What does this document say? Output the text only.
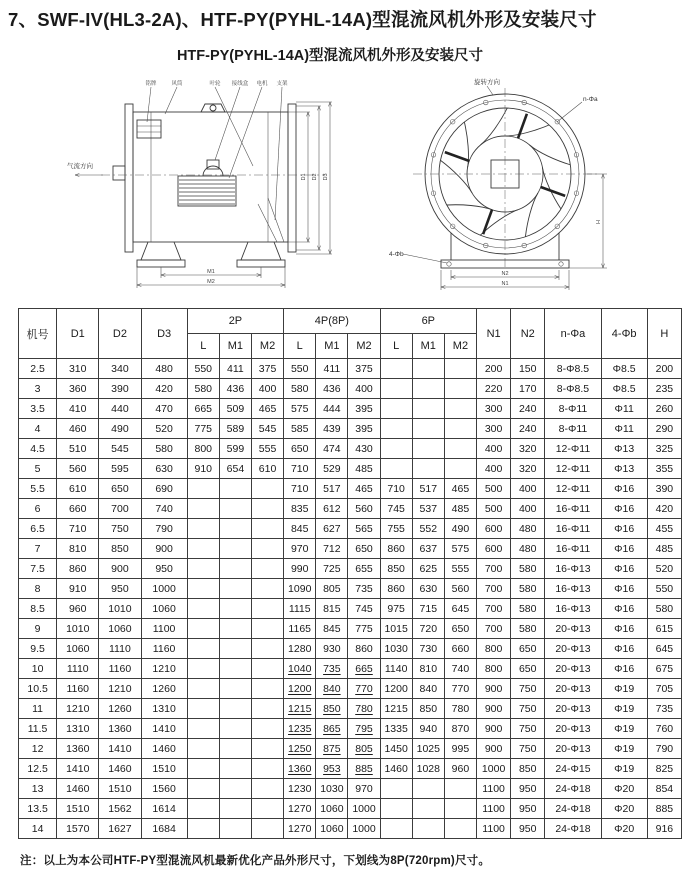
7、SWF-IV(HL3-2A)、HTF-PY(PYHL-14A)型混流风机外形及安装尺寸
HTF-PY(PYHL-14A)型混流风机外形及安装尺寸
铭牌	风筒	叶轮 接线盒 电机 支架
气流方向
M1
M2
D1 D2 D3
旋转方向
n-Φa
4-Φb
H
N2
N1
机号	D1	D2	D3	2P			4P(8P)			6P			N1	N2	n-Φa	4-Φb	H
				L	M1	M2	L	M1	M2	L	M1	M2					
2.5	310	340	480	550	411	375	550	411	375				200	150	8-Φ8.5	Φ8.5	200
3	360	390	420	580	436	400	580	436	400				220	170	8-Φ8.5	Φ8.5	235
3.5	410	440	470	665	509	465	575	444	395				300	240	8-Φ11	Φ11	260
4	460	490	520	775	589	545	585	439	395				300	240	8-Φ11	Φ11	290
4.5	510	545	580	800	599	555	650	474	430				400	320	12-Φ11	Φ13	325
5	560	595	630	910	654	610	710	529	485				400	320	12-Φ11	Φ13	355
5.5	610	650	690				710	517	465	710	517	465	500	400	12-Φ11	Φ16	390
6	660	700	740				835	612	560	745	537	485	500	400	16-Φ11	Φ16	420
6.5	710	750	790				845	627	565	755	552	490	600	480	16-Φ11	Φ16	455
7	810	850	900				970	712	650	860	637	575	600	480	16-Φ11	Φ16	485
7.5	860	900	950				990	725	655	850	625	555	700	580	16-Φ13	Φ16	520
8	910	950	1000				1090	805	735	860	630	560	700	580	16-Φ13	Φ16	550
8.5	960	1010	1060				1115	815	745	975	715	645	700	580	16-Φ13	Φ16	580
9	1010	1060	1100				1165	845	775	1015	720	650	700	580	20-Φ13	Φ16	615
9.5	1060	1110	1160				1280	930	860	1030	730	660	800	650	20-Φ13	Φ16	645
10	1110	1160	1210				1040	735	665	1140	810	740	800	650	20-Φ13	Φ16	675
10.5	1160	1210	1260				1200	840	770	1200	840	770	900	750	20-Φ13	Φ19	705
11	1210	1260	1310				1215	850	780	1215	850	780	900	750	20-Φ13	Φ19	735
11.5	1310	1360	1410				1235	865	795	1335	940	870	900	750	20-Φ13	Φ19	760
12	1360	1410	1460				1250	875	805	1450	1025	995	900	750	20-Φ13	Φ19	790
12.5	1410	1460	1510				1360	953	885	1460	1028	960	1000	850	24-Φ15	Φ19	825
13	1460	1510	1560				1230	1030	970				1100	950	24-Φ18	Φ20	854
13.5	1510	1562	1614				1270	1060	1000				1100	950	24-Φ18	Φ20	885
14	1570	1627	1684				1270	1060	1000				1100	950	24-Φ18	Φ20	916
注：以上为本公司HTF-PY型混流风机最新优化产品外形尺寸，下划线为8P(720rpm)尺寸。
